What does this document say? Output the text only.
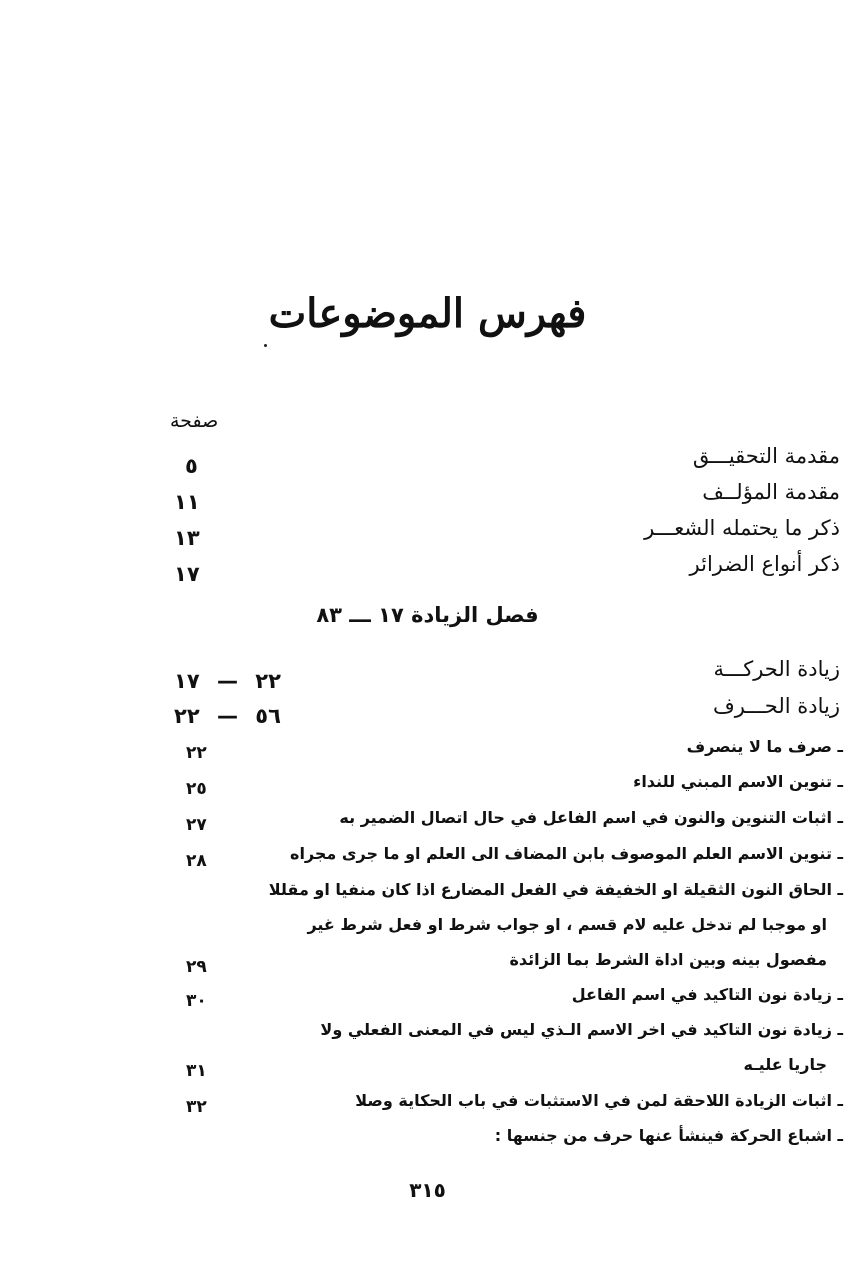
فهرس الموضوعات
صفحة
مقدمة التحقيـــق
٥
مقدمة المؤلــف
١١
ذكر ما يحتمله الشعـــر
١٣
ذكر أنواع الضرائر
١٧
فصل الزيادة ١٧ ـــ ٨٣
زيادة الحركـــة
٢٢ — ١٧
زيادة الحـــرف
٥٦ — ٢٢
ـ صرف ما لا ينصرف
٢٢
ـ تنوين الاسم المبني للنداء
٢٥
ـ اثبات التنوين والنون في اسم الفاعل في حال اتصال الضمير به
٢٧
ـ تنوين الاسم العلم الموصوف بابن المضاف الى العلم او ما جرى مجراه
٢٨
ـ الحاق النون الثقيلة او الخفيفة في الفعل المضارع اذا كان منفيا او مقللا
او موجبا لم تدخل عليه لام قسم ، او جواب شرط او فعل شرط غير
مفصول بينه وبين اداة الشرط بما الزائدة
٢٩
ـ زيادة نون التاكيد في اسم الفاعل
٣٠
ـ زيادة نون التاكيد في اخر الاسم الـذي ليس في المعنى الفعلي ولا
جاريا عليـه
٣١
ـ اثبات الزيادة اللاحقة لمن في الاستثبات في باب الحكاية وصلا
٣٢
ـ اشباع الحركة فينشأ عنها حرف من جنسها :
٣١٥
